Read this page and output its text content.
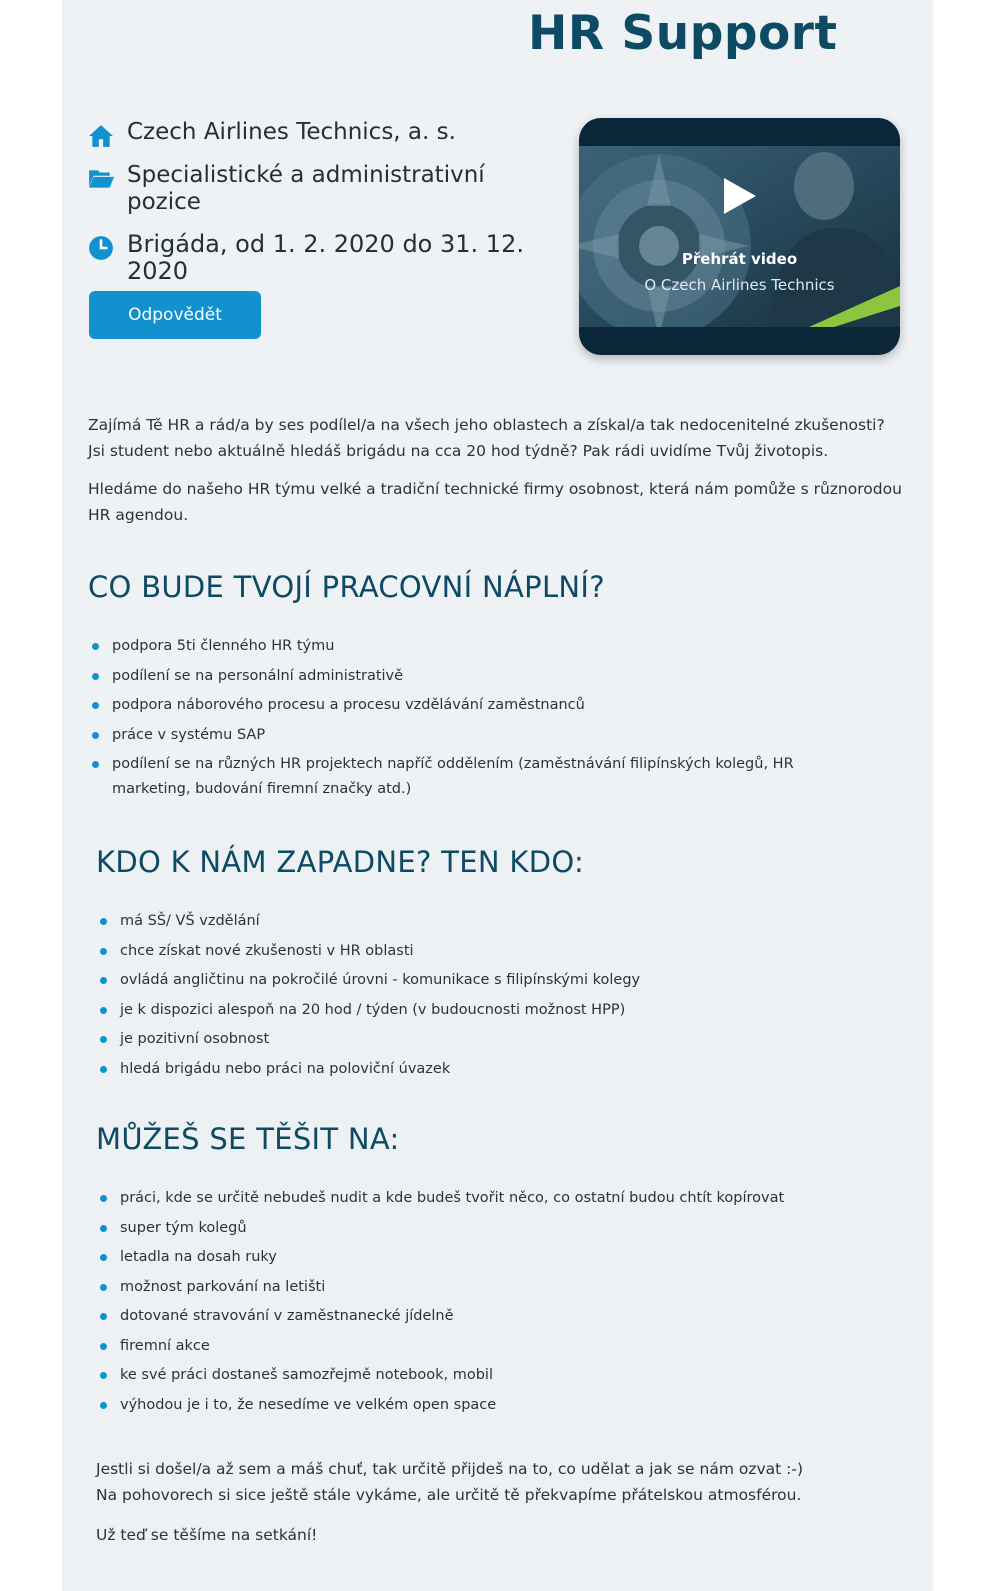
HR Support
Czech Airlines Technics, a. s.
Specialistické a administrativní pozice
Brigáda, od 1. 2. 2020 do 31. 12. 2020
Odpovědět
Přehrát video
O Czech Airlines Technics

Zajímá Tě HR a rád/a by ses podílel/a na všech jeho oblastech a získal/a tak nedocenitelné zkušenosti? Jsi student nebo aktuálně hledáš brigádu na cca 20 hod týdně? Pak rádi uvidíme Tvůj životopis.

Hledáme do našeho HR týmu velké a tradiční technické firmy osobnost, která nám pomůže s různorodou HR agendou.

CO BUDE TVOJÍ PRACOVNÍ NÁPLNÍ?
podpora 5ti členného HR týmu
podílení se na personální administrativě
podpora náborového procesu a procesu vzdělávání zaměstnanců
práce v systému SAP
podílení se na různých HR projektech napříč oddělením (zaměstnávání filipínských kolegů, HR marketing, budování firemní značky atd.)
KDO K NÁM ZAPADNE? TEN KDO:
má SŠ/ VŠ vzdělání
chce získat nové zkušenosti v HR oblasti
ovládá angličtinu na pokročilé úrovni - komunikace s filipínskými kolegy
je k dispozici alespoň na 20 hod / týden (v budoucnosti možnost HPP)
je pozitivní osobnost
hledá brigádu nebo práci na poloviční úvazek
MŮŽEŠ SE TĚŠIT NA:
práci, kde se určitě nebudeš nudit a kde budeš tvořit něco, co ostatní budou chtít kopírovat
super tým kolegů
letadla na dosah ruky
možnost parkování na letišti
dotované stravování v zaměstnanecké jídelně
firemní akce
ke své práci dostaneš samozřejmě notebook, mobil
výhodou je i to, že nesedíme ve velkém open space

Jestli si došel/a až sem a máš chuť, tak určitě přijdeš na to, co udělat a jak se nám ozvat :-)
Na pohovorech si sice ještě stále vykáme, ale určitě tě překvapíme přátelskou atmosférou.

Už teď se těšíme na setkání!
